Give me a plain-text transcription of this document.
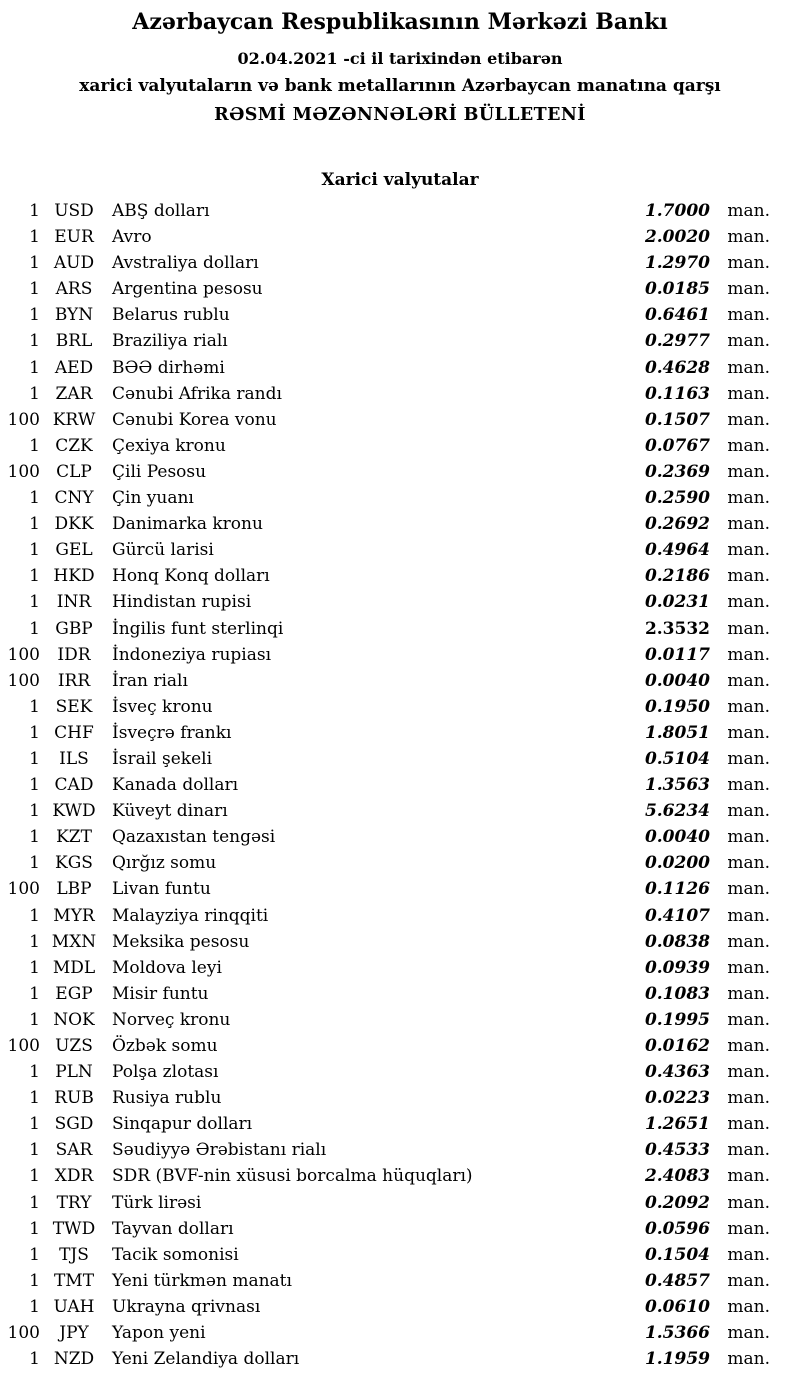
Azərbaycan Respublikasının Mərkəzi Bankı
02.04.2021 -ci il tarixindən etibarən
xarici valyutaların və bank metallarının Azərbaycan manatına qarşı
RƏSMİ MƏZƏNNƏLƏRİ BÜLLETENİ
Xarici valyutalar
1 USD	ABŞ dolları	1.7000	man.
1 EUR	Avro	2.0020	man.
1 AUD	Avstraliya dolları	1.2970	man.
1 ARS	Argentina pesosu	0.0185	man.
1 BYN	Belarus rublu	0.6461	man.
1 BRL	Braziliya rialı	0.2977	man.
1 AED	BƏƏ dirhəmi	0.4628	man.
1 ZAR	Cənubi Afrika randı	0.1163	man.
100 KRW Cənubi Korea vonu	0.1507	man.
1 CZK	Çexiya kronu	0.0767	man.
100 CLP	Çili Pesosu	0.2369	man.
1 CNY	Çin yuanı	0.2590	man.
1 DKK	Danimarka kronu	0.2692	man.
1 GEL	Gürcü larisi	0.4964	man.
1 HKD	Honq Konq dolları	0.2186	man.
1 INR	Hindistan rupisi	0.0231	man.
1 GBP	İngilis funt sterlinqi	2.3532	man.
100	IDR	İndoneziya rupiası	0.0117	man.
100	IRR	İran rialı	0.0040	man.
1 SEK	İsveç kronu	0.1950	man.
1 CHF	İsveçrə frankı	1.8051	man.
1	ILS	İsrail şekeli	0.5104	man.
1 CAD	Kanada dolları	1.3563	man.
1 KWD Küveyt dinarı	5.6234	man.
1 KZT	Qazaxıstan tengəsi	0.0040	man.
1 KGS	Qırğız somu	0.0200	man.
100 LBP	Livan funtu	0.1126	man.
1 MYR	Malayziya rinqqiti	0.4107	man.
1 MXN Meksika pesosu	0.0838	man.
1 MDL Moldova leyi	0.0939	man.
1 EGP	Misir funtu	0.1083	man.
1 NOK	Norveç kronu	0.1995	man.
100 UZS	Özbək somu	0.0162	man.
1 PLN	Polşa zlotası	0.4363	man.
1 RUB	Rusiya rublu	0.0223	man.
1 SGD	Sinqapur dolları	1.2651	man.
1 SAR	Səudiyyə Ərəbistanı rialı	0.4533	man.
1 XDR	SDR (BVF-nin xüsusi borcalma hüquqları)	2.4083	man.
1 TRY	Türk lirəsi	0.2092	man.
1 TWD Tayvan dolları	0.0596	man.
1	TJS	Tacik somonisi	0.1504	man.
1 TMT	Yeni türkmən manatı	0.4857	man.
1 UAH	Ukrayna qrivnası	0.0610	man.
100	JPY	Yapon yeni	1.5366	man.
1 NZD	Yeni Zelandiya dolları	1.1959	man.
